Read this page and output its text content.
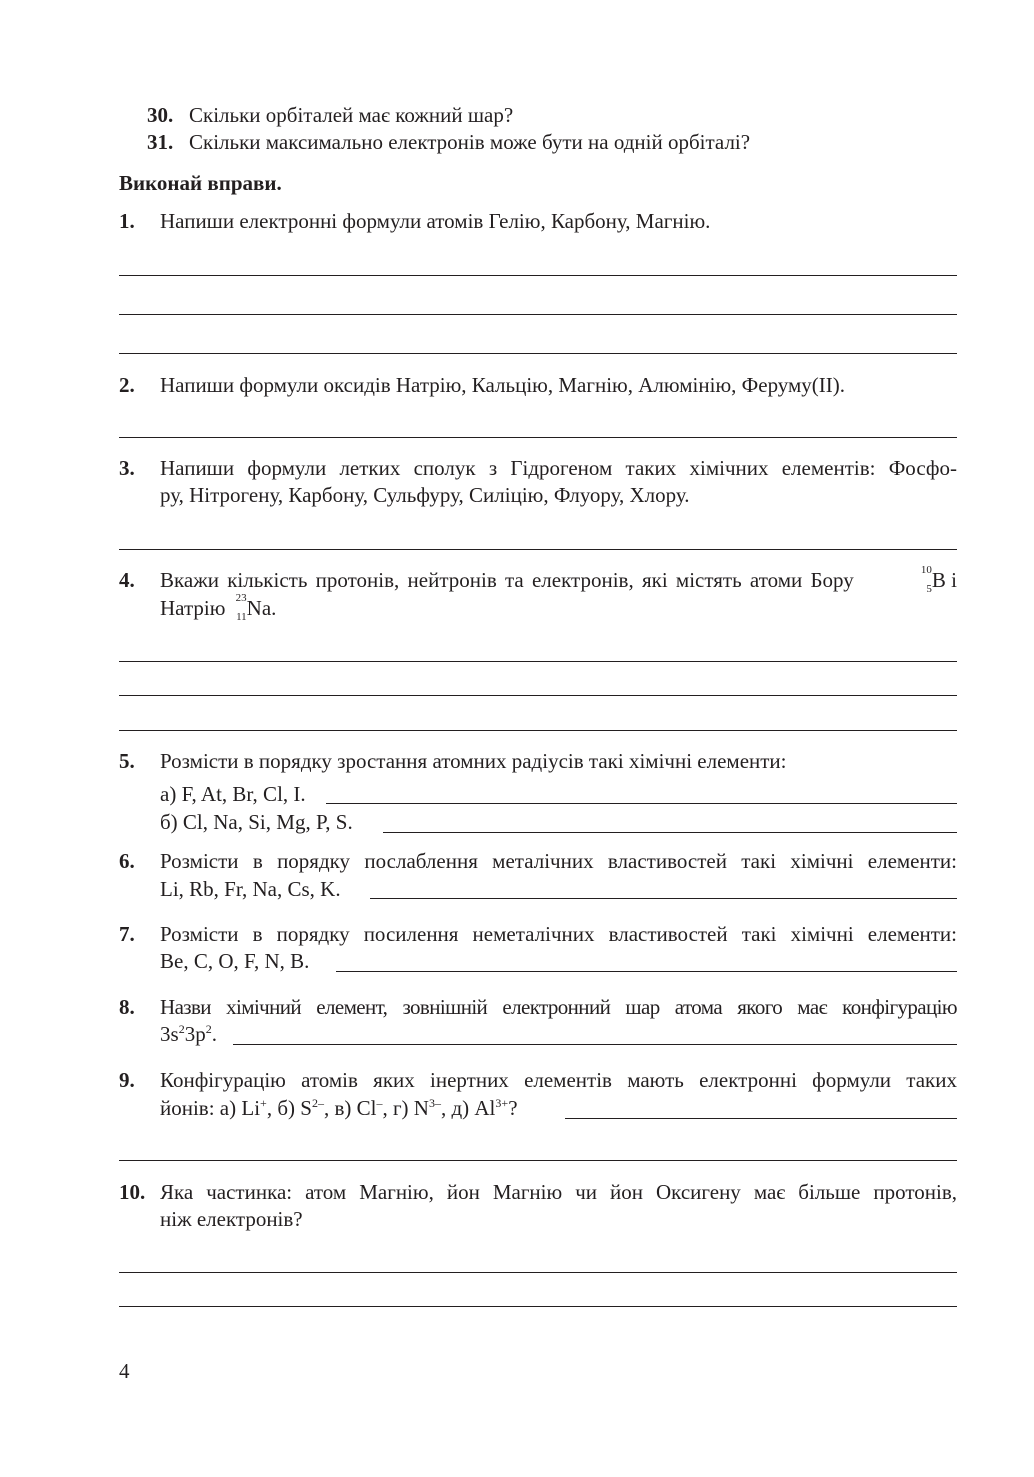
30. Скільки орбіталей має кожний шар?
31. Скільки максимально електронів може бути на одній орбіталі?
Виконай вправи.
1. Напиши електронні формули атомів Гелію, Карбону, Магнію.
2. Напиши формули оксидів Натрію, Кальцію, Магнію, Алюмінію, Феруму(II).
3. Напиши формули летких сполук з Гідрогеном таких хімічних елементів: Фосфо-
ру, Нітрогену, Карбону, Сульфуру, Силіцію, Флуору, Хлору.
4. Вкажи кількість протонів, нейтронів та електронів, які містять атоми Бору	10
5 B і
Натрію 23
11 Na.
5. Розмісти в порядку зростання атомних радіусів такі хімічні елементи:
а) F, At, Br, Cl, I.
б) Cl, Na, Si, Mg, P, S.
6. Розмісти в порядку послаблення металічних властивостей такі хімічні елементи:
Li, Rb, Fr, Na, Cs, K.
7. Розмісти в порядку посилення неметалічних властивостей такі хімічні елементи:
Be, C, O, F, N, B.
8. Назви хімічний елемент, зовнішній електронний шар атома якого має конфігурацію
$3s^23p^2$.
9. Конфігурацію атомів яких інертних елементів мають електронні формули таких
йонів: а) Li+, б) $S^{2-}$, в) Cl–, г) $N^{3-}$, д) $Al^{3+}$?
10. Яка частинка: атом Магнію, йон Магнію чи йон Оксигену має більше протонів,
ніж електронів?
4
